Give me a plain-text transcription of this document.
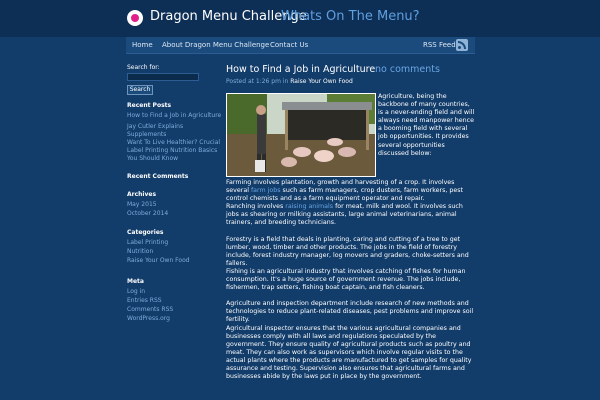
Dragon Menu Challenge
Whats On The Menu?
Home About Dragon Menu Challenge Contact Us	RSS Feed
Search for:
Search
Recent Posts
How to Find a Job in Agriculture
Jay Cutler Explains Supplements
Want To Live Healthier? Crucial Label Printing Nutrition Basics You Should Know
Recent Comments
Archives
May 2015
October 2014
Categories
Label Printing
Nutrition
Raise Your Own Food
Meta
Log in
Entries RSS
Comments RSS
WordPress.org
How to Find a Job in Agriculture no comments
Posted at 1:26 pm in Raise Your Own Food

Agriculture, being the backbone of many countries, is a never-ending field and will always need manpower hence a booming field with several job opportunities. It provides several opportunities discussed below:

Farming involves plantation, growth and harvesting of a crop. It involves several farm jobs such as farm managers, crop dusters, farm workers, pest control chemists and as a farm equipment operator and repair.
Ranching involves raising animals for meat, milk and wool. It involves such jobs as shearing or milking assistants, large animal veterinarians, animal trainers, and breeding technicians.

Forestry is a field that deals in planting, caring and cutting of a tree to get lumber, wood, timber and other products. The jobs in the field of forestry include, forest industry manager, log movers and graders, choke-setters and fallers.
Fishing is an agricultural industry that involves catching of fishes for human consumption. It's a huge source of government revenue. The jobs include, fishermen, trap setters, fishing boat captain, and fish cleaners.

Agriculture and inspection department include research of new methods and technologies to reduce plant-related diseases, pest problems and improve soil fertility.
Agricultural inspector ensures that the various agricultural companies and businesses comply with all laws and regulations speculated by the government. They ensure quality of agricultural products such as poultry and meat. They can also work as supervisors which involve regular visits to the actual plants where the products are manufactured to get samples for quality assurance and testing. Supervision also ensures that agricultural farms and businesses abide by the laws put in place by the government.
